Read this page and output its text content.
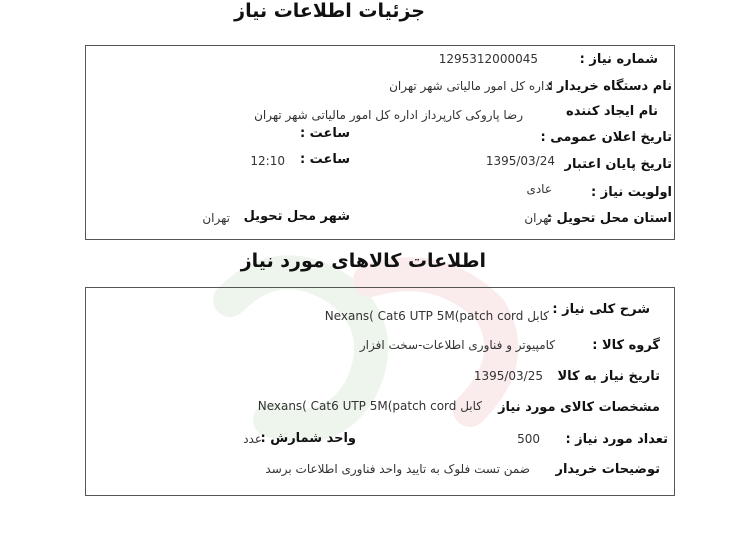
جزئیات اطلاعات نیاز
شماره نیاز :
1295312000045
نام دستگاه خریدار :
اداره کل امور مالیاتی شهر تهران
نام ایجاد کننده
رضا پاروکی کارپرداز اداره کل امور مالیاتی شهر تهران
تاریخ اعلان عمومی :
ساعت :
تاریخ پایان اعتبار
1395/03/24
ساعت :
12:10
اولویت نیاز :
عادی
استان محل تحویل :
تهران
شهر محل تحویل
تهران
اطلاعات کالاهای مورد نیاز
شرح کلی نیاز :
کابل Nexans( Cat6 UTP 5M(patch cord
گروه کالا :
کامپیوتر و فناوری اطلاعات-سخت افزار
تاریخ نیاز به کالا
1395/03/25
مشخصات کالای مورد نیاز
کابل Nexans( Cat6 UTP 5M(patch cord
تعداد مورد نیاز :
500
واحد شمارش :
عدد
توضیحات خریدار
ضمن تست فلوک به تایید واحد فناوری اطلاعات برسد
